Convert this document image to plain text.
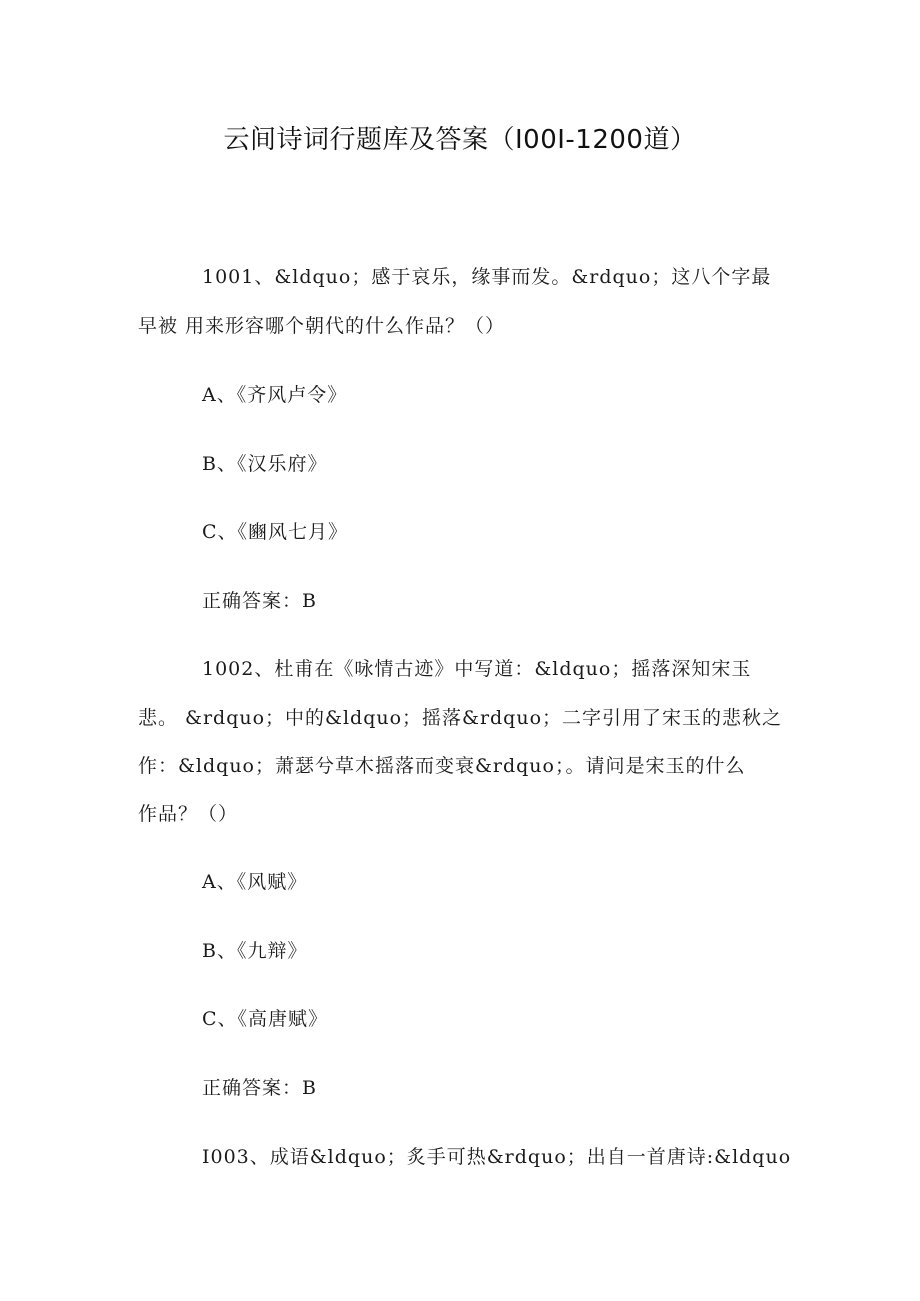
云间诗词行题库及答案（I00I-1200道）
1001、&ldquo；感于哀乐，缘事而发。&rdquo；这八个字最
早被 用来形容哪个朝代的什么作品？（）
A、《齐风卢令》
B、《汉乐府》
C、《豳风七月》
正确答案：B
1002、杜甫在《咏情古迹》中写道：&ldquo；摇落深知宋玉
悲。 &rdquo；中的&ldquo；摇落&rdquo；二字引用了宋玉的悲秋之
作：&ldquo；萧瑟兮草木摇落而变衰&rdquo；。请问是宋玉的什么
作品？（）
A、《风赋》
B、《九辩》
C、《高唐赋》
正确答案：B
I003、成语&ldquo；炙手可热&rdquo；出自一首唐诗:&ldquo
